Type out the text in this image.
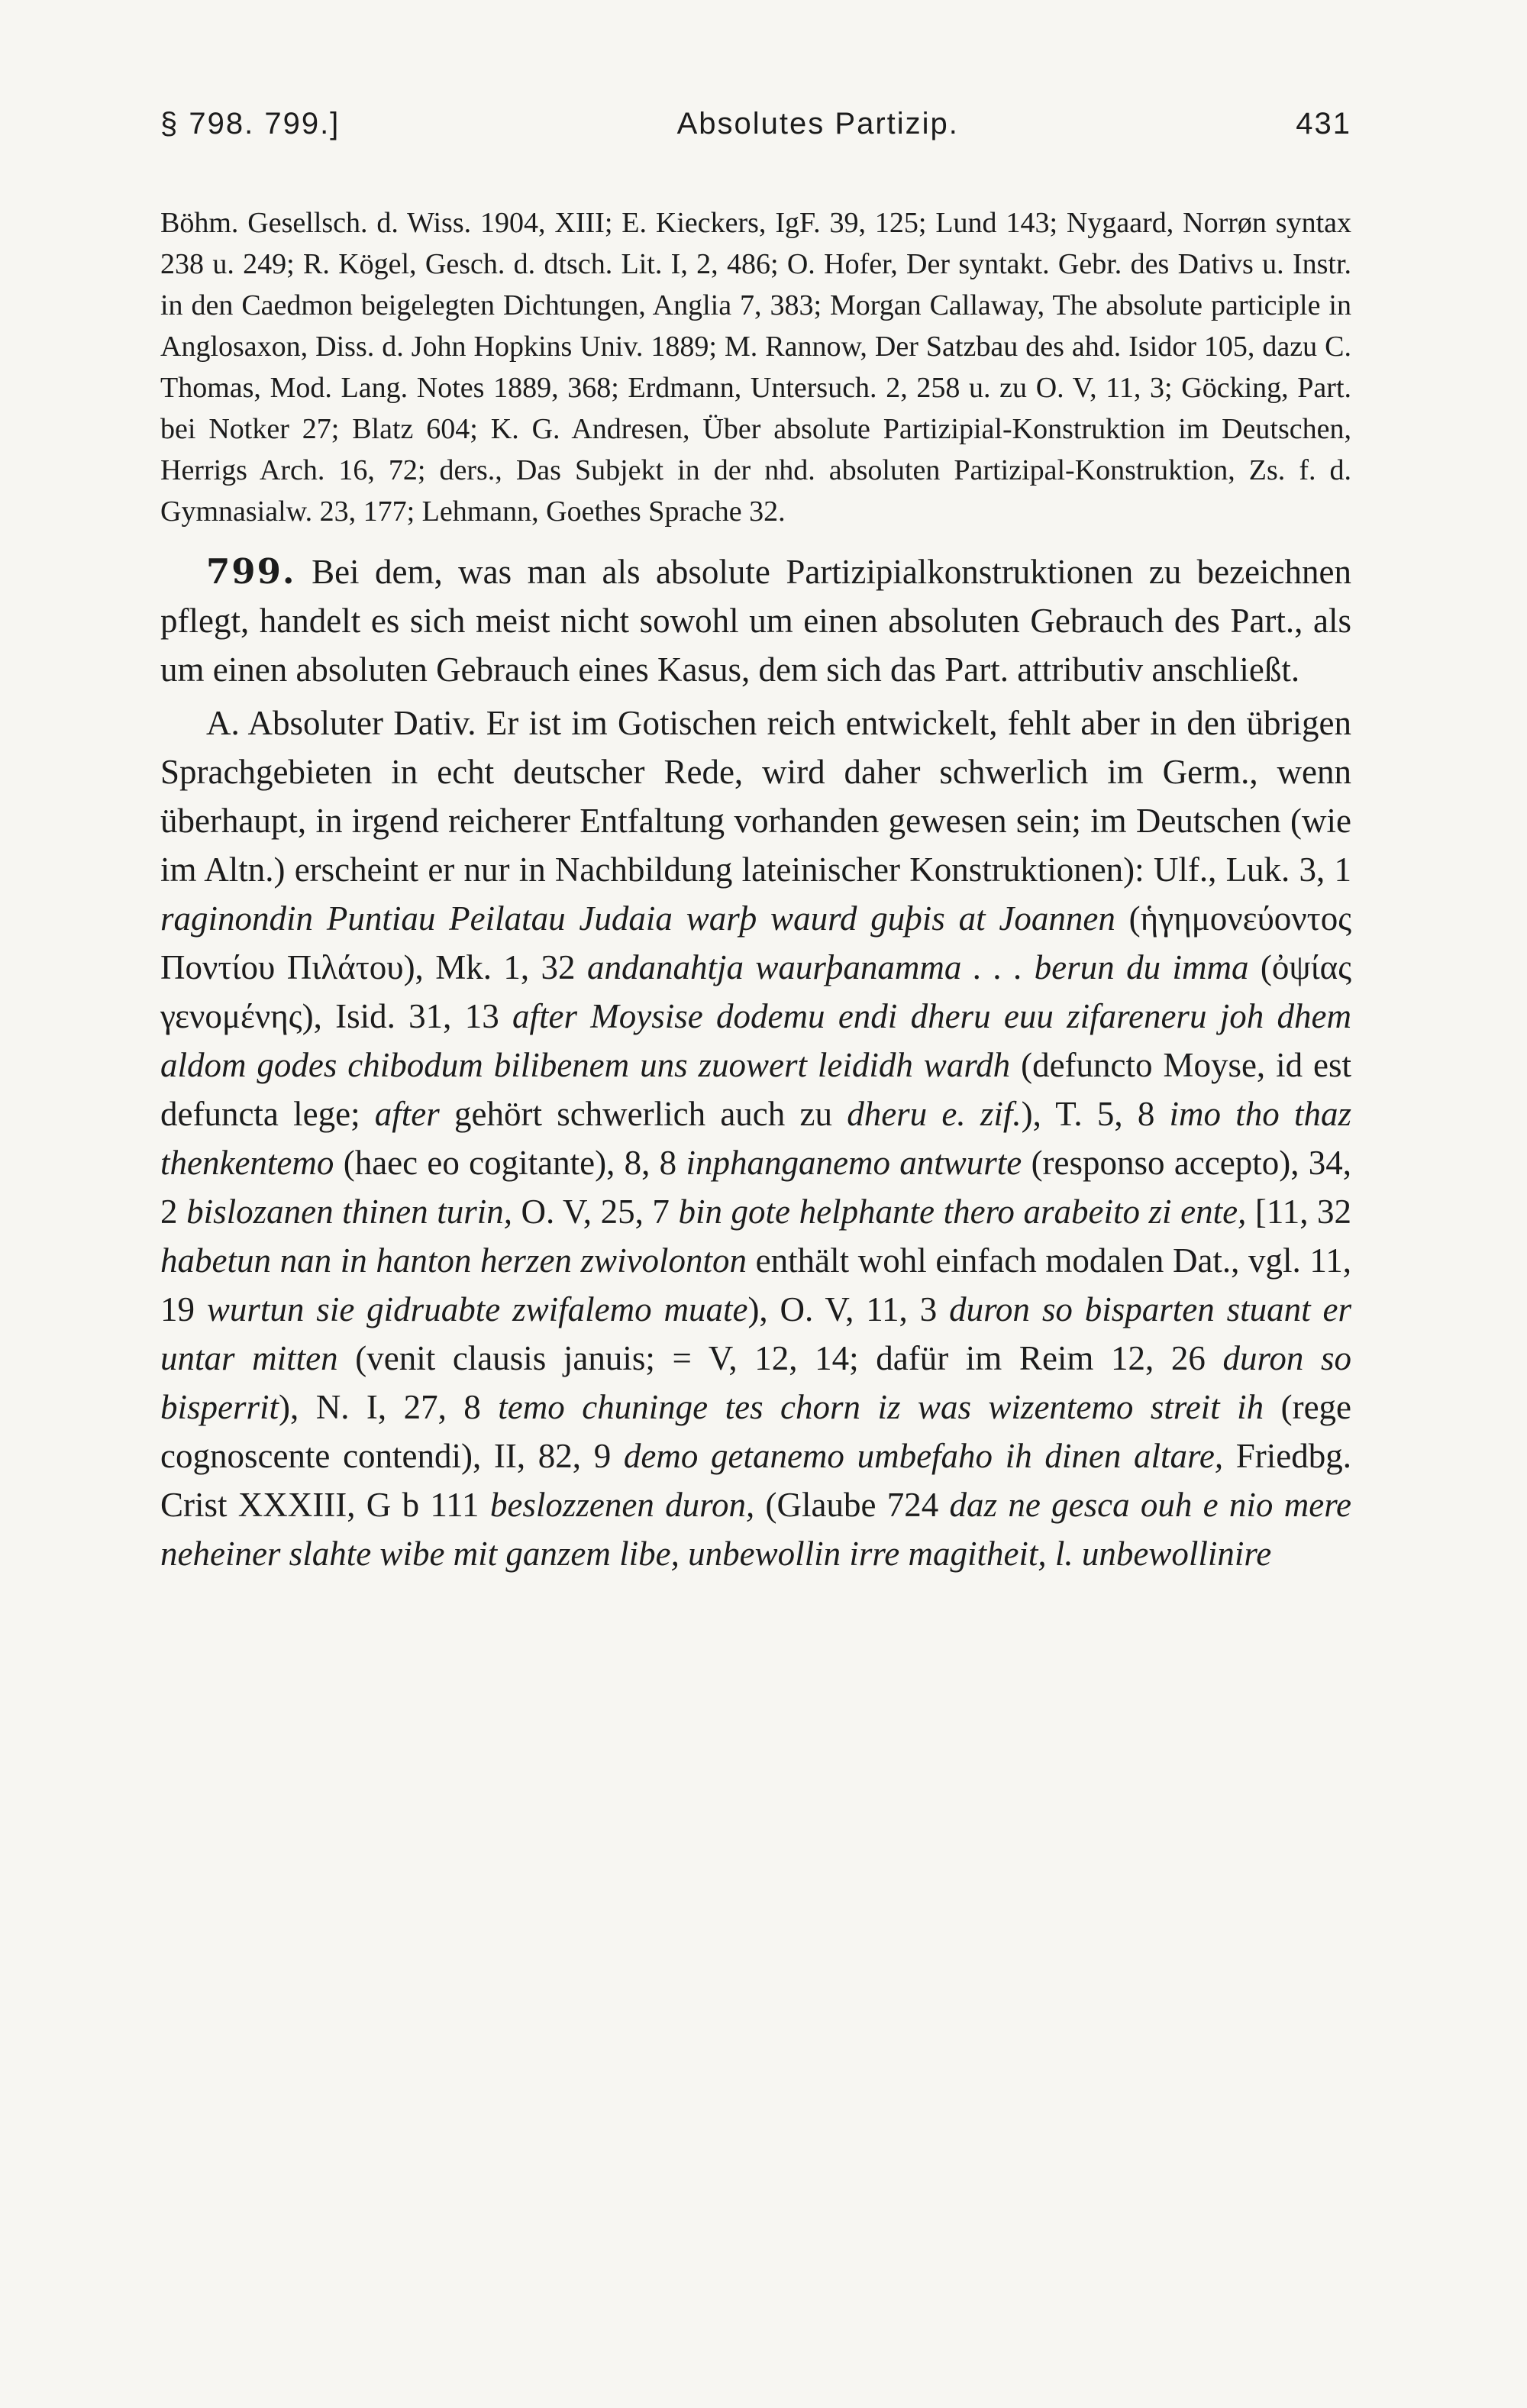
§ 798. 799.]	Absolutes Partizip.	431

Böhm. Gesellsch. d. Wiss. 1904, XIII; E. Kieckers, IgF. 39, 125; Lund 143; Nygaard, Norrøn syntax 238 u. 249; R. Kögel, Gesch. d. dtsch. Lit. I, 2, 486; O. Hofer, Der syntakt. Gebr. des Dativs u. Instr. in den Caedmon beigelegten Dichtungen, Anglia 7, 383; Morgan Callaway, The absolute participle in Anglosaxon, Diss. d. John Hopkins Univ. 1889; M. Rannow, Der Satzbau des ahd. Isidor 105, dazu C. Thomas, Mod. Lang. Notes 1889, 368; Erdmann, Untersuch. 2, 258 u. zu O. V, 11, 3; Göcking, Part. bei Notker 27; Blatz 604; K. G. Andresen, Über absolute Partizipial-Konstruktion im Deutschen, Herrigs Arch. 16, 72; ders., Das Subjekt in der nhd. absoluten Partizipal-Konstruktion, Zs. f. d. Gymnasialw. 23, 177; Lehmann, Goethes Sprache 32.

799. Bei dem, was man als absolute Partizipialkonstruktionen zu bezeichnen pflegt, handelt es sich meist nicht sowohl um einen absoluten Gebrauch des Part., als um einen absoluten Gebrauch eines Kasus, dem sich das Part. attributiv anschließt.

A. Absoluter Dativ. Er ist im Gotischen reich entwickelt, fehlt aber in den übrigen Sprachgebieten in echt deutscher Rede, wird daher schwerlich im Germ., wenn überhaupt, in irgend reicherer Entfaltung vorhanden gewesen sein; im Deutschen (wie im Altn.) erscheint er nur in Nachbildung lateinischer Konstruktionen): Ulf., Luk. 3, 1 raginondin Puntiau Peilatau Judaia warþ waurd guþis at Joannen (ἡγημονεύοντος Ποντίου Πιλάτου), Mk. 1, 32 andanahtja waurþanamma . . . berun du imma (ὀψίας γενομένης), Isid. 31, 13 after Moysise dodemu endi dheru euu zifareneru joh dhem aldom godes chibodum bilibenem uns zuowert leididh wardh (defuncto Moyse, id est defuncta lege; after gehört schwerlich auch zu dheru e. zif.), T. 5, 8 imo tho thaz thenkentemo (haec eo cogitante), 8, 8 inphanganemo antwurte (responso accepto), 34, 2 bislozanen thinen turin, O. V, 25, 7 bin gote helphante thero arabeito zi ente, [11, 32 habetun nan in hanton herzen zwivolonton enthält wohl einfach modalen Dat., vgl. 11, 19 wurtun sie gidruabte zwifalemo muate), O. V, 11, 3 duron so bisparten stuant er untar mitten (venit clausis januis; = V, 12, 14; dafür im Reim 12, 26 duron so bisperrit), N. I, 27, 8 temo chuninge tes chorn iz was wizentemo streit ih (rege cognoscente contendi), II, 82, 9 demo getanemo umbefaho ih dinen altare, Friedbg. Crist XXXIII, G b 111 beslozzenen duron, (Glaube 724 daz ne gesca ouh e nio mere neheiner slahte wibe mit ganzem libe, unbewollin irre magitheit, l. unbewollinire
